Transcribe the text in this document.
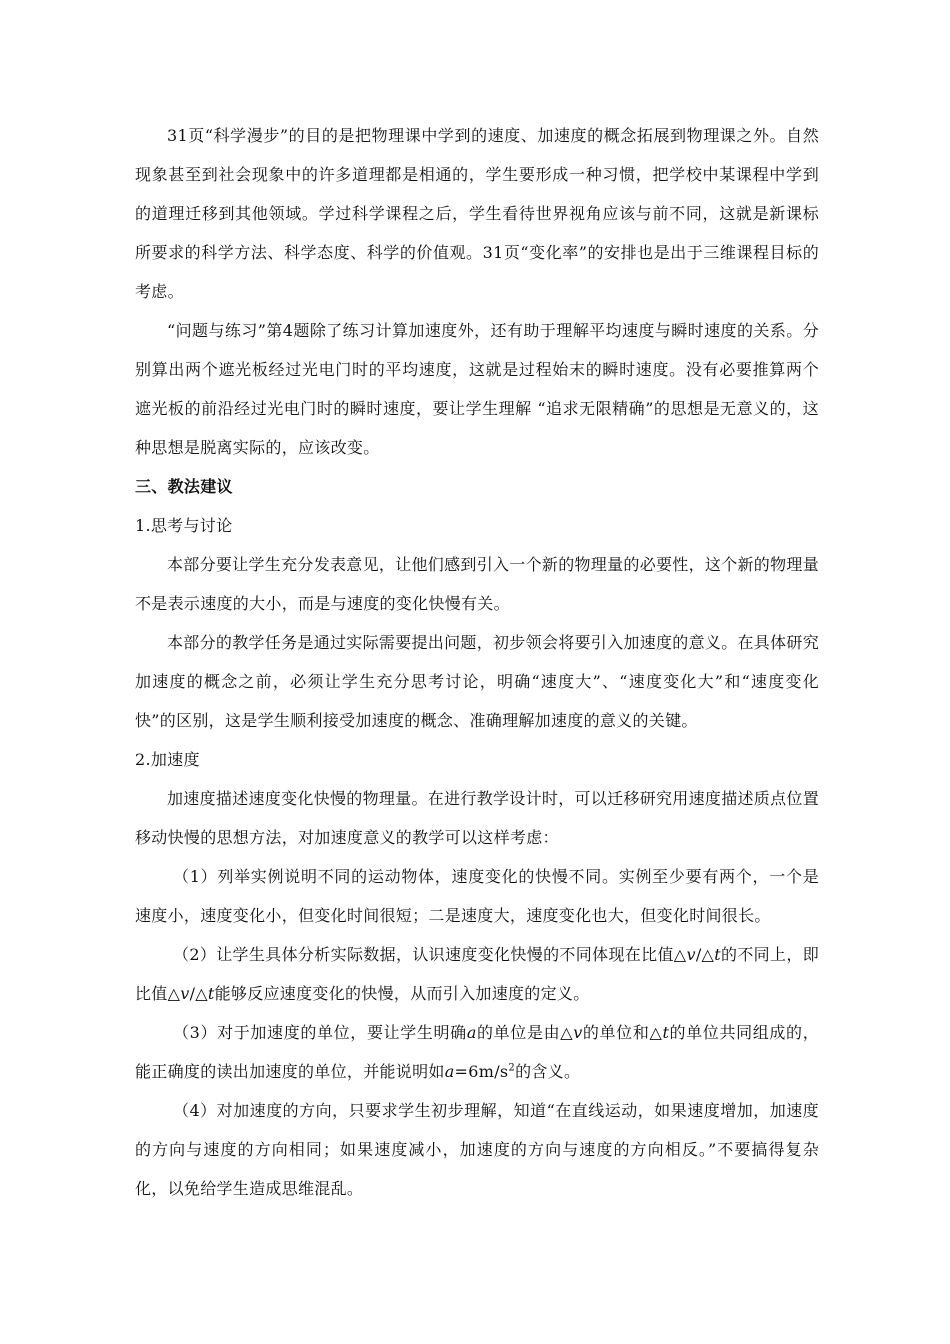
31页“科学漫步”的目的是把物理课中学到的速度、加速度的概念拓展到物理课之外。自然现象甚至到社会现象中的许多道理都是相通的，学生要形成一种习惯，把学校中某课程中学到的道理迁移到其他领域。学过科学课程之后，学生看待世界视角应该与前不同，这就是新课标所要求的科学方法、科学态度、科学的价值观。31页“变化率”的安排也是出于三维课程目标的考虑。

“问题与练习”第4题除了练习计算加速度外，还有助于理解平均速度与瞬时速度的关系。分别算出两个遮光板经过光电门时的平均速度，这就是过程始末的瞬时速度。没有必要推算两个遮光板的前沿经过光电门时的瞬时速度，要让学生理解 “追求无限精确”的思想是无意义的，这种思想是脱离实际的，应该改变。

三、教法建议

1.思考与讨论

本部分要让学生充分发表意见，让他们感到引入一个新的物理量的必要性，这个新的物理量不是表示速度的大小，而是与速度的变化快慢有关。

本部分的教学任务是通过实际需要提出问题，初步领会将要引入加速度的意义。在具体研究加速度的概念之前，必须让学生充分思考讨论，明确“速度大”、“速度变化大”和“速度变化快”的区别，这是学生顺利接受加速度的概念、准确理解加速度的意义的关键。

2.加速度

加速度描述速度变化快慢的物理量。在进行教学设计时，可以迁移研究用速度描述质点位置移动快慢的思想方法，对加速度意义的教学可以这样考虑：

（1）列举实例说明不同的运动物体，速度变化的快慢不同。实例至少要有两个，一个是速度小，速度变化小，但变化时间很短；二是速度大，速度变化也大，但变化时间很长。

（2）让学生具体分析实际数据，认识速度变化快慢的不同体现在比值△v/△t的不同上，即比值△v/△t能够反应速度变化的快慢，从而引入加速度的定义。

（3）对于加速度的单位，要让学生明确a的单位是由△v的单位和△t的单位共同组成的，能正确度的读出加速度的单位，并能说明如$a=6m/s^2$的含义。

（4）对加速度的方向，只要求学生初步理解，知道“在直线运动，如果速度增加，加速度的方向与速度的方向相同；如果速度减小，加速度的方向与速度的方向相反。”不要搞得复杂化，以免给学生造成思维混乱。
